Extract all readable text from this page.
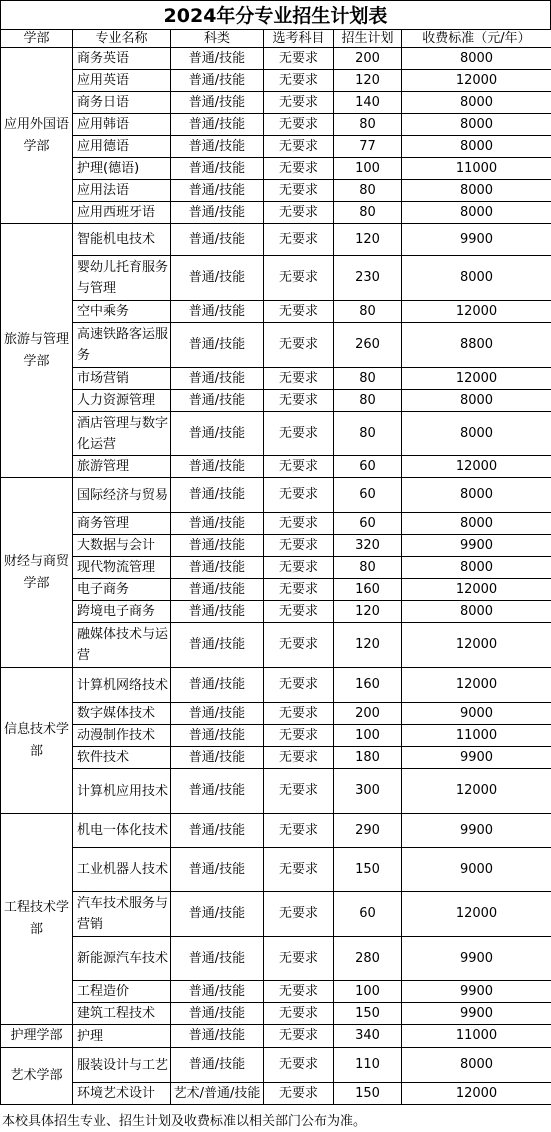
2024年分专业招生计划表
学部	专业名称	科类	选考科目	招生计划	收费标准（元/年）
应用外国语学部	商务英语	普通/技能	无要求	200	8000
	应用英语	普通/技能	无要求	120	12000
	商务日语	普通/技能	无要求	140	8000
	应用韩语	普通/技能	无要求	80	8000
	应用德语	普通/技能	无要求	77	8000
	护理(德语)	普通/技能	无要求	100	11000
	应用法语	普通/技能	无要求	80	8000
	应用西班牙语	普通/技能	无要求	80	8000
旅游与管理学部	智能机电技术	普通/技能	无要求	120	9900
	婴幼儿托育服务与管理	普通/技能	无要求	230	8000
	空中乘务	普通/技能	无要求	80	12000
	高速铁路客运服务	普通/技能	无要求	260	8800
	市场营销	普通/技能	无要求	80	12000
	人力资源管理	普通/技能	无要求	80	8000
	酒店管理与数字化运营	普通/技能	无要求	80	8000
	旅游管理	普通/技能	无要求	60	12000
财经与商贸学部	国际经济与贸易	普通/技能	无要求	60	8000
	商务管理	普通/技能	无要求	60	8000
	大数据与会计	普通/技能	无要求	320	9900
	现代物流管理	普通/技能	无要求	80	8000
	电子商务	普通/技能	无要求	160	12000
	跨境电子商务	普通/技能	无要求	120	8000
	融媒体技术与运营	普通/技能	无要求	120	12000
信息技术学部	计算机网络技术	普通/技能	无要求	160	12000
	数字媒体技术	普通/技能	无要求	200	9000
	动漫制作技术	普通/技能	无要求	100	11000
	软件技术	普通/技能	无要求	180	9900
	计算机应用技术	普通/技能	无要求	300	12000
工程技术学部	机电一体化技术	普通/技能	无要求	290	9900
	工业机器人技术	普通/技能	无要求	150	9000
	汽车技术服务与营销	普通/技能	无要求	60	12000
	新能源汽车技术	普通/技能	无要求	280	9900
	工程造价	普通/技能	无要求	100	9900
	建筑工程技术	普通/技能	无要求	150	9900
护理学部	护理	普通/技能	无要求	340	11000
艺术学部	服装设计与工艺	普通/技能	无要求	110	8000
	环境艺术设计	艺术/普通/技能	无要求	150	12000
本校具体招生专业、招生计划及收费标准以相关部门公布为准。
